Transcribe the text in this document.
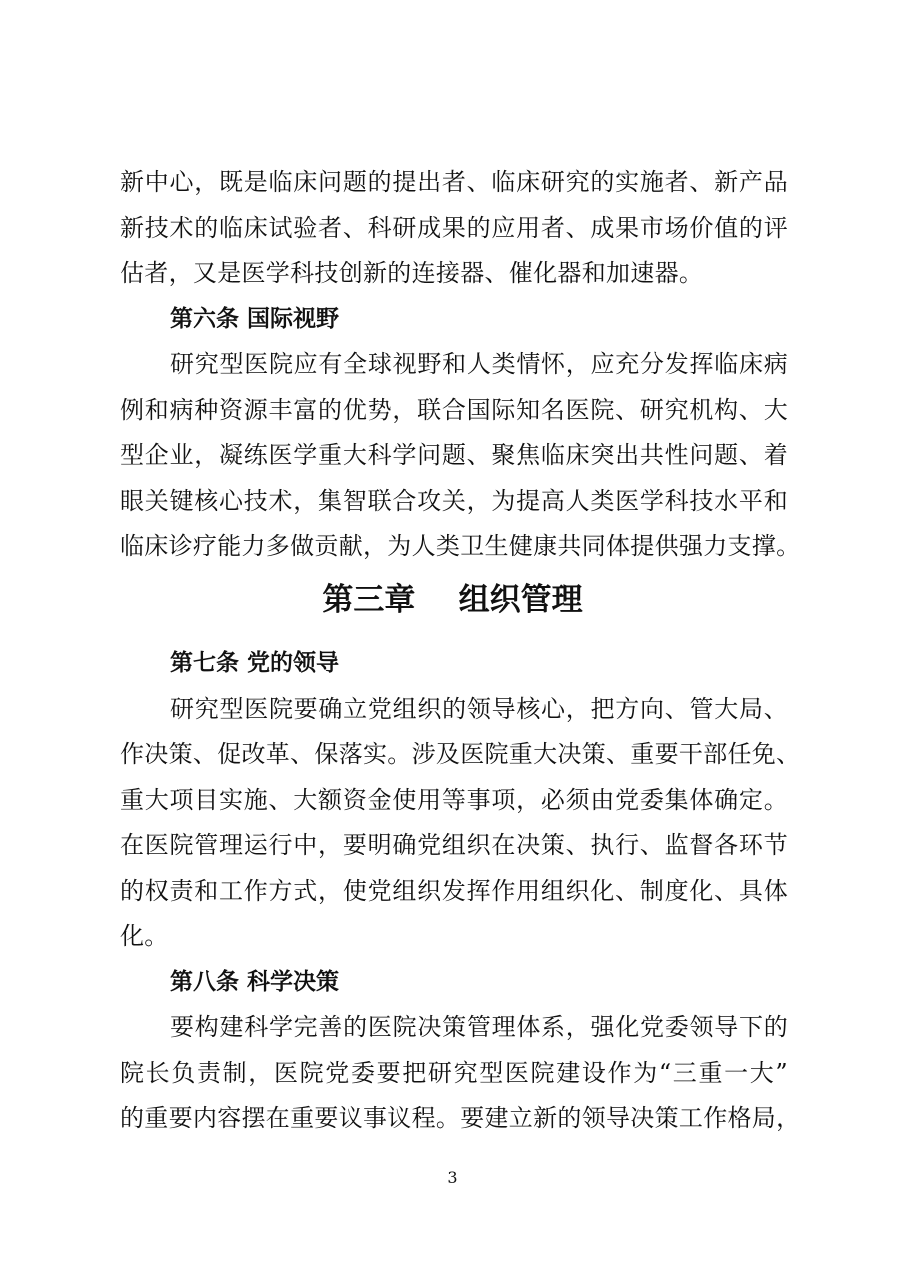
新中心，既是临床问题的提出者、临床研究的实施者、新产品
新技术的临床试验者、科研成果的应用者、成果市场价值的评
估者，又是医学科技创新的连接器、催化器和加速器。
第六条 国际视野
研究型医院应有全球视野和人类情怀，应充分发挥临床病
例和病种资源丰富的优势，联合国际知名医院、研究机构、大
型企业，凝练医学重大科学问题、聚焦临床突出共性问题、着
眼关键核心技术，集智联合攻关，为提高人类医学科技水平和
临床诊疗能力多做贡献，为人类卫生健康共同体提供强力支撑。
第三章    组织管理
第七条 党的领导
研究型医院要确立党组织的领导核心，把方向、管大局、
作决策、促改革、保落实。涉及医院重大决策、重要干部任免、
重大项目实施、大额资金使用等事项，必须由党委集体确定。
在医院管理运行中，要明确党组织在决策、执行、监督各环节
的权责和工作方式，使党组织发挥作用组织化、制度化、具体
化。
第八条 科学决策
要构建科学完善的医院决策管理体系，强化党委领导下的
院长负责制，医院党委要把研究型医院建设作为“三重一大”
的重要内容摆在重要议事议程。要建立新的领导决策工作格局，
3
